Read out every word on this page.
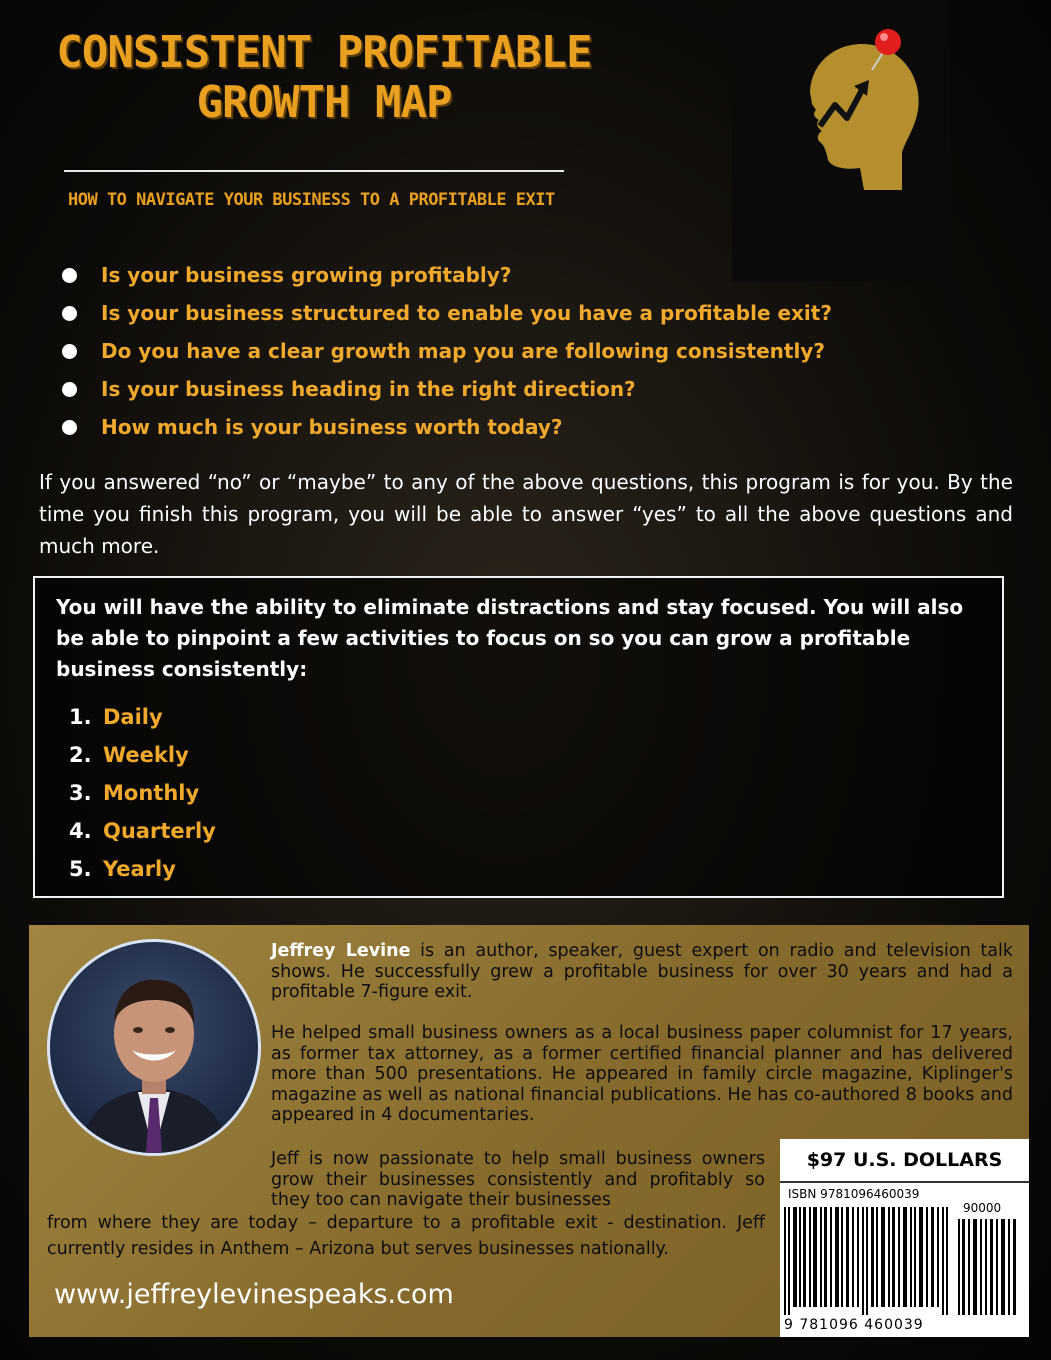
CONSISTENT PROFITABLE
GROWTH MAP
HOW TO NAVIGATE YOUR BUSINESS TO A PROFITABLE EXIT
Is your business growing profitably?
Is your business structured to enable you have a profitable exit?
Do you have a clear growth map you are following consistently?
Is your business heading in the right direction?
How much is your business worth today?

If you answered “no” or “maybe” to any of the above questions, this program is for you. By the time you finish this program, you will be able to answer “yes” to all the above questions and much more.

You will have the ability to eliminate distractions and stay focused. You will also be able to pinpoint a few activities to focus on so you can grow a profitable business consistently:
1. Daily
2. Weekly
3. Monthly
4. Quarterly
5. Yearly

Jeffrey Levine is an author, speaker, guest expert on radio and television talk shows. He successfully grew a profitable business for over 30 years and had a profitable 7-figure exit.

He helped small business owners as a local business paper columnist for 17 years, as former tax attorney, as a former certified financial planner and has delivered more than 500 presentations. He appeared in family circle magazine, Kiplinger's magazine as well as national financial publications. He has co-authored 8 books and appeared in 4 documentaries.

Jeff is now passionate to help small business owners grow their businesses consistently and profitably so they too can navigate their businesses

from where they are today – departure to a profitable exit - destination. Jeff currently resides in Anthem – Arizona but serves businesses nationally.

www.jeffreylevinespeaks.com
$97 U.S. DOLLARS
ISBN 9781096460039
90000
9 781096 460039
